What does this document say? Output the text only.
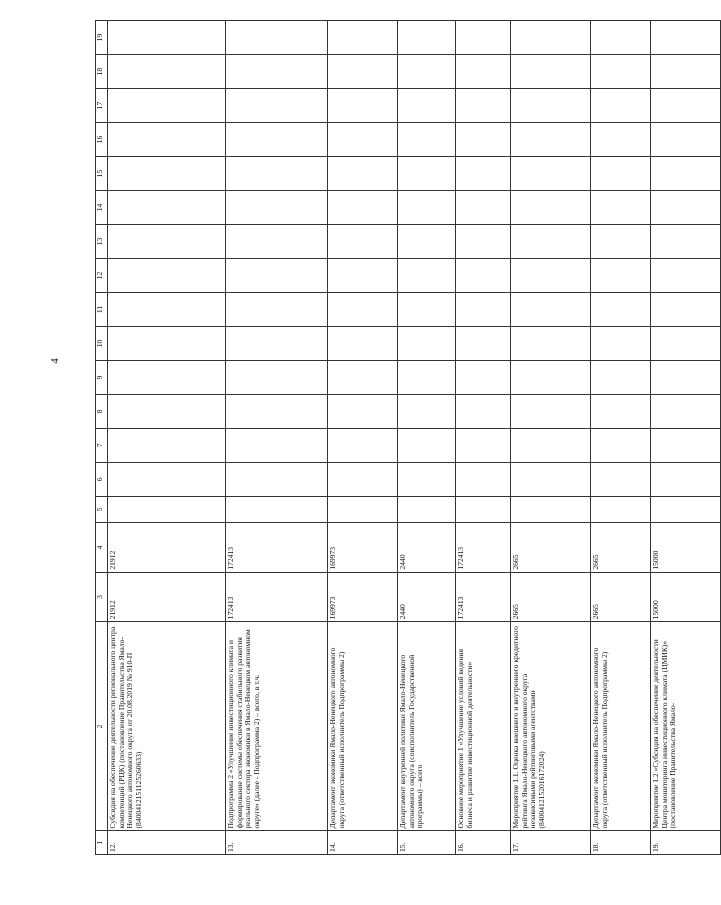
4
1	2	3	4	5	6	7	8	9	10	11	12	13	14	15	16	17	18	19
12.	Субсидия на обеспечение деятельности регионального центра компетенций (РЦК) (постановление Правительства Ямало-Ненецкого автономного округа от 20.08.2019 № 910-П (8400412151125260633)	21912	21912															
13.	Подпрограмма 2 «Улучшение инвестиционного климата и формирование системы обеспечения стабильного развития реального сектора экономики в Ямало-Ненецком автономном округе» (далее - Подпрограмма 2) – всего, в т.ч.	172413	172413															
14.	Департамент экономики Ямало-Ненецкого автономного округа (ответственный исполнитель Подпрограммы 2)	169973	169973															
15.	Департамент внутренней политики Ямало-Ненецкого автономного округа (соисполнитель Государственной программы) – всего	2440	2440															
16.	Основное мероприятие 1 «Улучшение условий ведения бизнеса и развитие инвестиционной деятельности»	172413	172413															
17.	Мероприятие 1.1. Оценка внешнего и внутреннего кредитного рейтинга Ямало-Ненецкого автономного округа независимыми рейтинговыми агентствами (8400412152016172024)	2665	2665															
18.	Департамент экономики Ямало-Ненецкого автономного округа (ответственный исполнитель Подпрограммы 2)	2665	2665															
19.	Мероприятие 1.2 «Субсидия на обеспечение деятельности Центра мониторинга инвестиционного климата (ЦМИК)» (постановление Правительства Ямало-	15000	15000															
